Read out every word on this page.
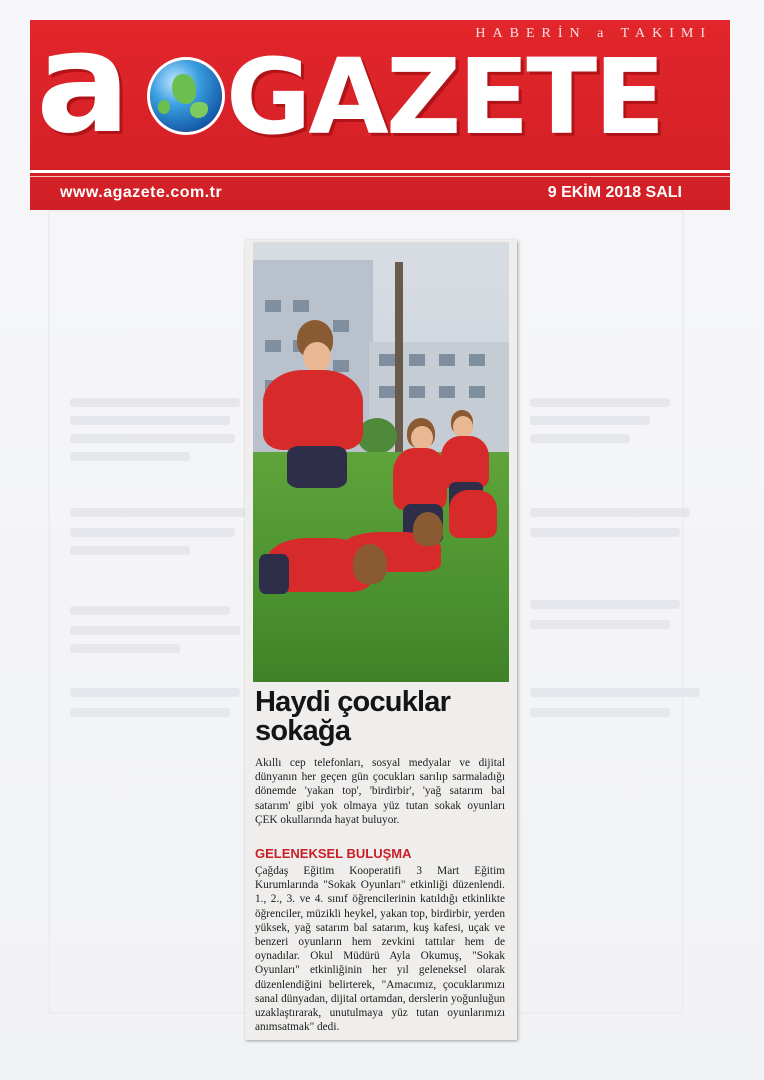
HABERİN a TAKIMI
a GAZETE
www.agazete.com.tr	9 EKİM 2018 SALI
Haydi çocuklar sokağa
Akıllı cep telefonları, sosyal medyalar ve dijital dünyanın her geçen gün çocukları sarılıp sarmaladığı dönemde 'yakan top', 'birdirbir', 'yağ satarım bal satarım' gibi yok olmaya yüz tutan sokak oyunları ÇEK okullarında hayat buluyor.
GELENEKSEL BULUŞMA
Çağdaş Eğitim Kooperatifi 3 Mart Eğitim Kurumlarında "Sokak Oyunları" etkinliği düzenlendi. 1., 2., 3. ve 4. sınıf öğrencilerinin katıldığı etkinlikte öğrenciler, müzikli heykel, yakan top, birdirbir, yerden yüksek, yağ satarım bal satarım, kuş kafesi, uçak ve benzeri oyunların hem zevkini tattılar hem de oynadılar. Okul Müdürü Ayla Okumuş, "Sokak Oyunları" etkinliğinin her yıl geleneksel olarak düzenlendiğini belirterek, "Amacımız, çocuklarımızı sanal dünyadan, dijital ortamdan, derslerin yoğunluğun uzaklaştırarak, unutulmaya yüz tutan oyunlarımızı anımsatmak" dedi.
